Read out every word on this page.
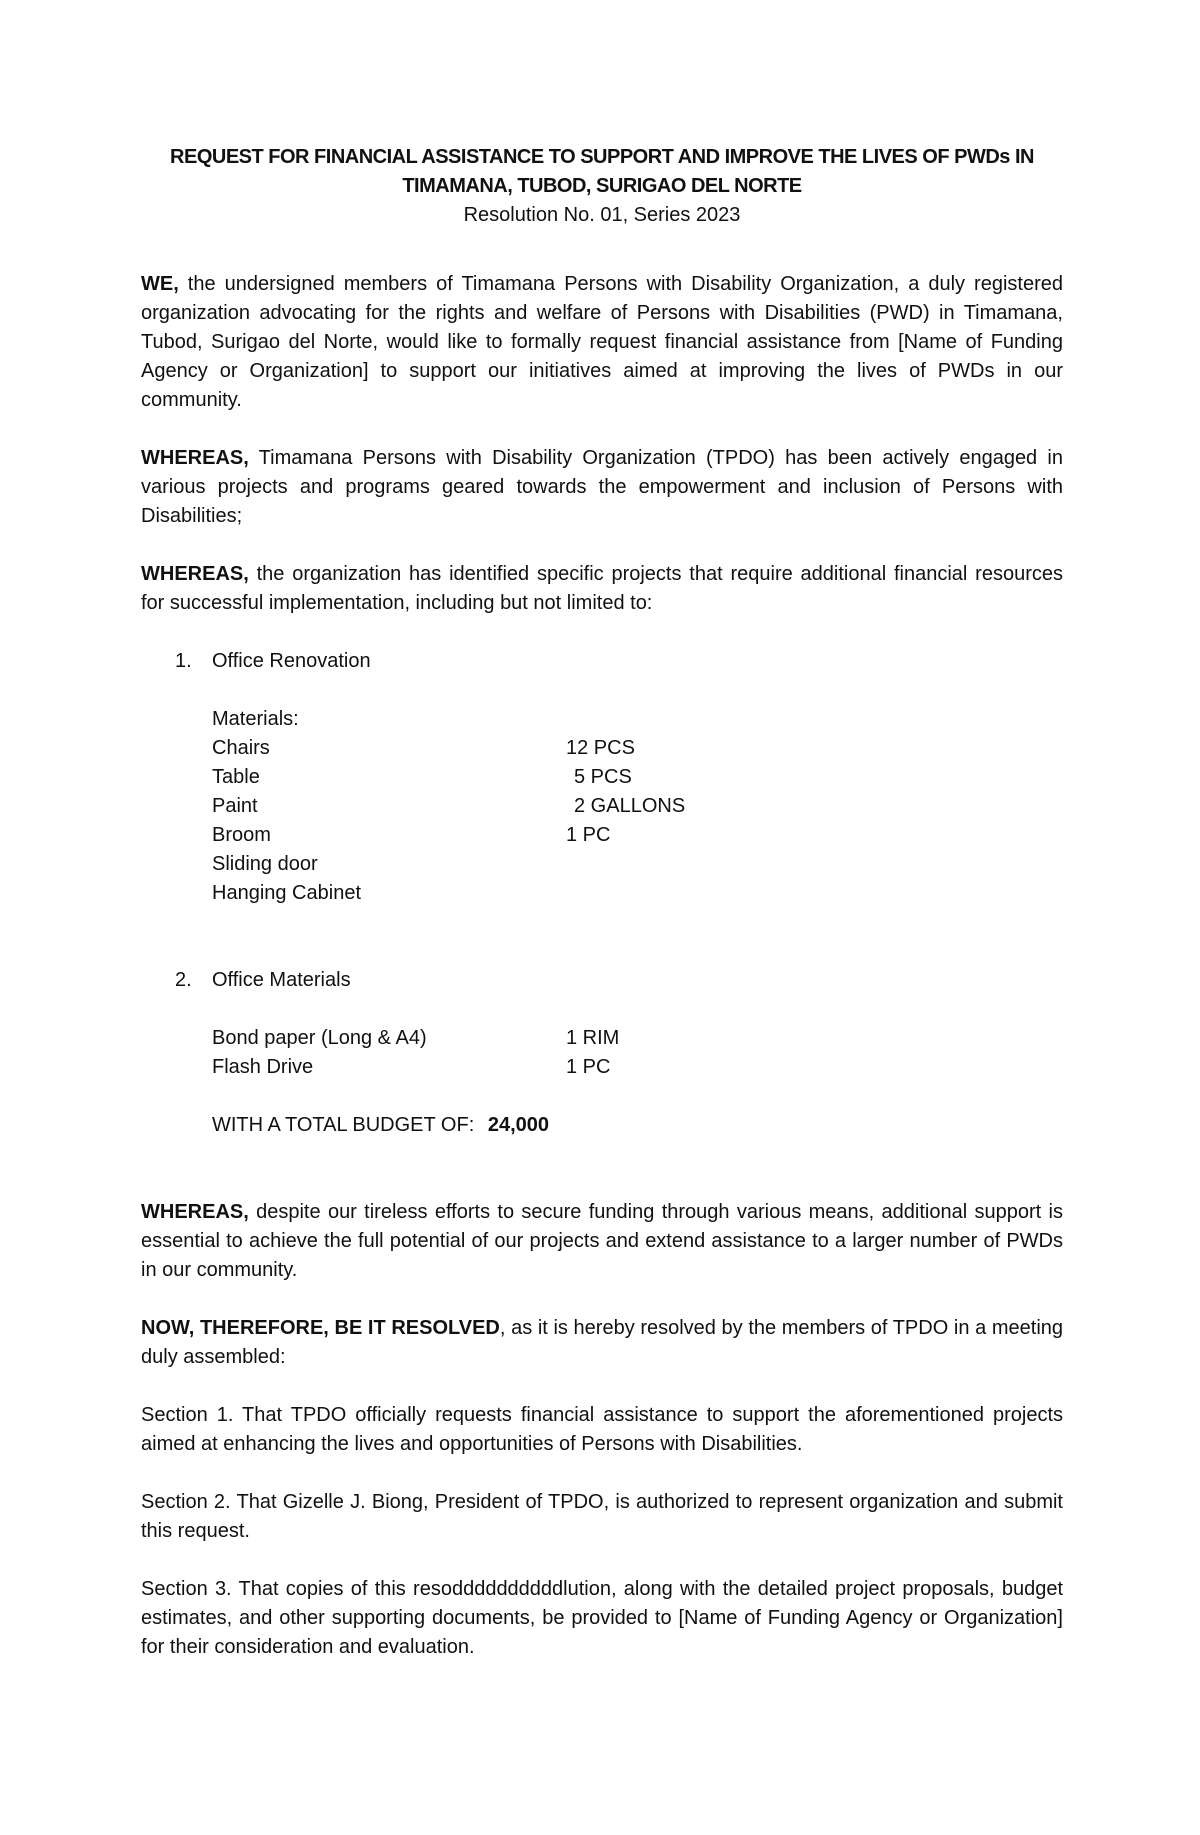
REQUEST FOR FINANCIAL ASSISTANCE TO SUPPORT AND IMPROVE THE LIVES OF PWDs IN
TIMAMANA, TUBOD, SURIGAO DEL NORTE
Resolution No. 01, Series 2023

WE, the undersigned members of Timamana Persons with Disability Organization, a duly registered organization advocating for the rights and welfare of Persons with Disabilities (PWD) in Timamana, Tubod, Surigao del Norte, would like to formally request financial assistance from [Name of Funding Agency or Organization] to support our initiatives aimed at improving the lives of PWDs in our community.

WHEREAS, Timamana Persons with Disability Organization (TPDO) has been actively engaged in various projects and programs geared towards the empowerment and inclusion of Persons with Disabilities;

WHEREAS, the organization has identified specific projects that require additional financial resources for successful implementation, including but not limited to:

1. Office Renovation
Materials:
Chairs	12 PCS
Table	5 PCS
Paint	2 GALLONS
Broom	1 PC
Sliding door
Hanging Cabinet
2. Office Materials
Bond paper (Long & A4)	1 RIM
Flash Drive	1 PC
WITH A TOTAL BUDGET OF: 24,000

WHEREAS, despite our tireless efforts to secure funding through various means, additional support is essential to achieve the full potential of our projects and extend assistance to a larger number of PWDs in our community.

NOW, THEREFORE, BE IT RESOLVED, as it is hereby resolved by the members of TPDO in a meeting duly assembled:

Section 1. That TPDO officially requests financial assistance to support the aforementioned projects aimed at enhancing the lives and opportunities of Persons with Disabilities.

Section 2. That Gizelle J. Biong, President of TPDO, is authorized to represent organization and submit this request.

Section 3. That copies of this resoddddddddddlution, along with the detailed project proposals, budget estimates, and other supporting documents, be provided to [Name of Funding Agency or Organization] for their consideration and evaluation.
